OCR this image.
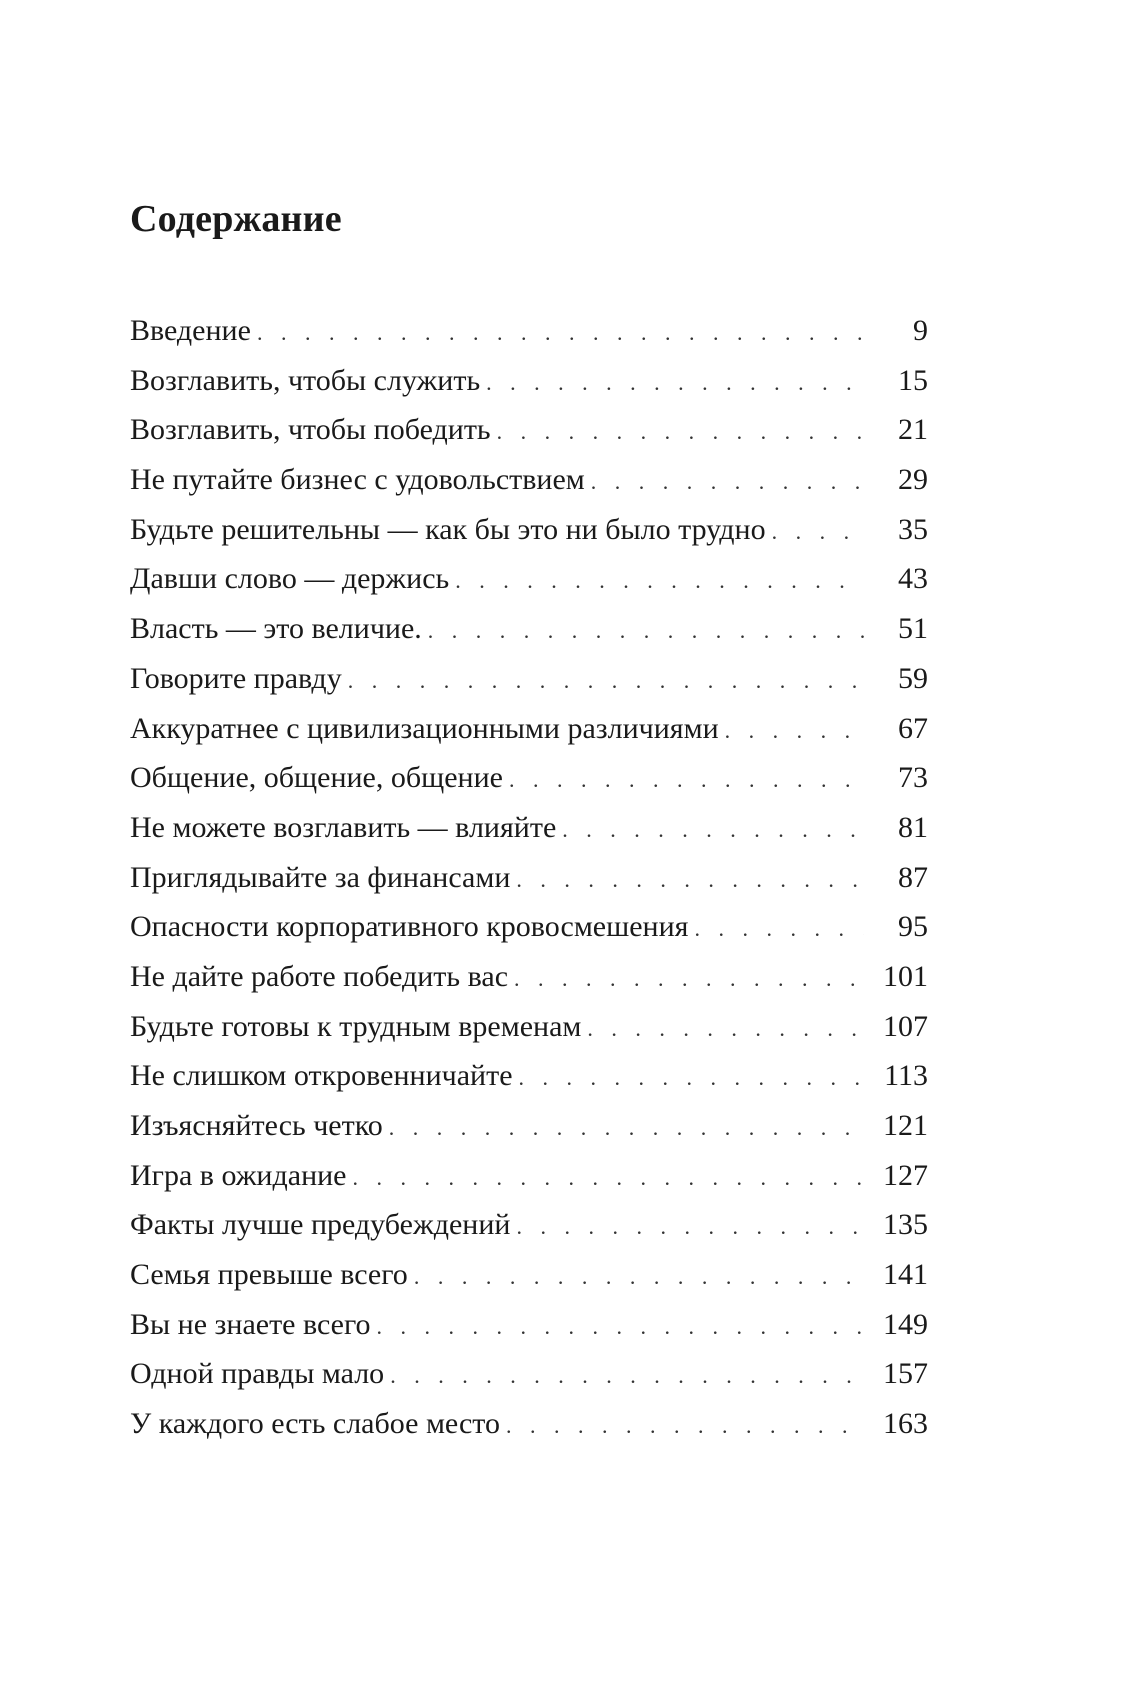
Содержание
Введение . . .	9
Возглавить, чтобы служить . . .	15
Возглавить, чтобы победить . . .	21
Не путайте бизнес с удовольствием . . .	29
Будьте решительны — как бы это ни было трудно . . .	35
Давши слово — держись . . .	43
Власть — это величие. . . .	51
Говорите правду . . .	59
Аккуратнее с цивилизационными различиями . . .	67
Общение, общение, общение . . .	73
Не можете возглавить — влияйте . . .	81
Приглядывайте за финансами . . .	87
Опасности корпоративного кровосмешения . . .	95
Не дайте работе победить вас . . .	101
Будьте готовы к трудным временам . . .	107
Не слишком откровенничайте . . .	113
Изъясняйтесь четко . . .	121
Игра в ожидание . . .	127
Факты лучше предубеждений . . .	135
Семья превыше всего . . .	141
Вы не знаете всего . . .	149
Одной правды мало . . .	157
У каждого есть слабое место . . .	163
